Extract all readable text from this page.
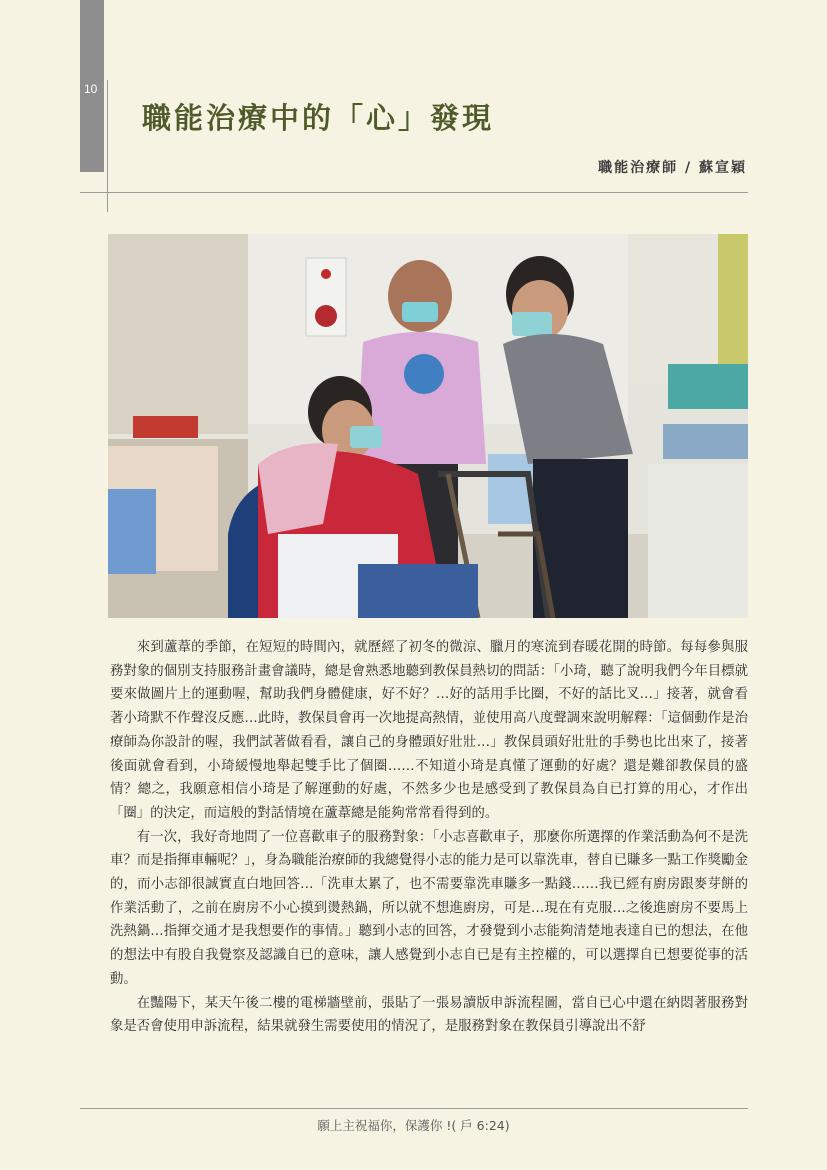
10
職能治療中的「心」發現
職能治療師 / 蘇宣穎

來到蘆葦的季節，在短短的時間內，就歷經了初冬的微涼、臘月的寒流到春暖花開的時節。每每參與服務對象的個別支持服務計畫會議時，總是會熟悉地聽到教保員熱切的問話：「小琦，聽了說明我們今年目標就要來做圖片上的運動喔，幫助我們身體健康，好不好？…好的話用手比圈，不好的話比叉…」接著，就會看著小琦默不作聲沒反應…此時，教保員會再一次地提高熱情，並使用高八度聲調來說明解釋：「這個動作是治療師為你設計的喔，我們試著做看看，讓自己的身體頭好壯壯…」教保員頭好壯壯的手勢也比出來了，接著後面就會看到，小琦緩慢地舉起雙手比了個圈……不知道小琦是真懂了運動的好處？還是難卻教保員的盛情？總之，我願意相信小琦是了解運動的好處，不然多少也是感受到了教保員為自已打算的用心，才作出「圈」的決定，而這般的對話情境在蘆葦總是能夠常常看得到的。

有一次，我好奇地問了一位喜歡車子的服務對象：「小志喜歡車子，那麼你所選擇的作業活動為何不是洗車？而是指揮車輛呢？」，身為職能治療師的我總覺得小志的能力是可以靠洗車，替自已賺多一點工作獎勵金的，而小志卻很誠實直白地回答…「洗車太累了，也不需要靠洗車賺多一點錢……我已經有廚房跟麥芽餅的作業活動了，之前在廚房不小心摸到燙熱鍋，所以就不想進廚房，可是…現在有克服…之後進廚房不要馬上洗熱鍋…指揮交通才是我想要作的事情。」聽到小志的回答，才發覺到小志能夠清楚地表達自已的想法，在他的想法中有股自我覺察及認識自已的意味，讓人感覺到小志自已是有主控權的，可以選擇自已想要從事的活動。

在豔陽下，某天午後二樓的電梯牆壁前，張貼了一張易讀版申訴流程圖，當自已心中還在納悶著服務對象是否會使用申訴流程，結果就發生需要使用的情況了，是服務對象在教保員引導說出不舒

願上主祝福你，保護你 !( 戶 6:24)
